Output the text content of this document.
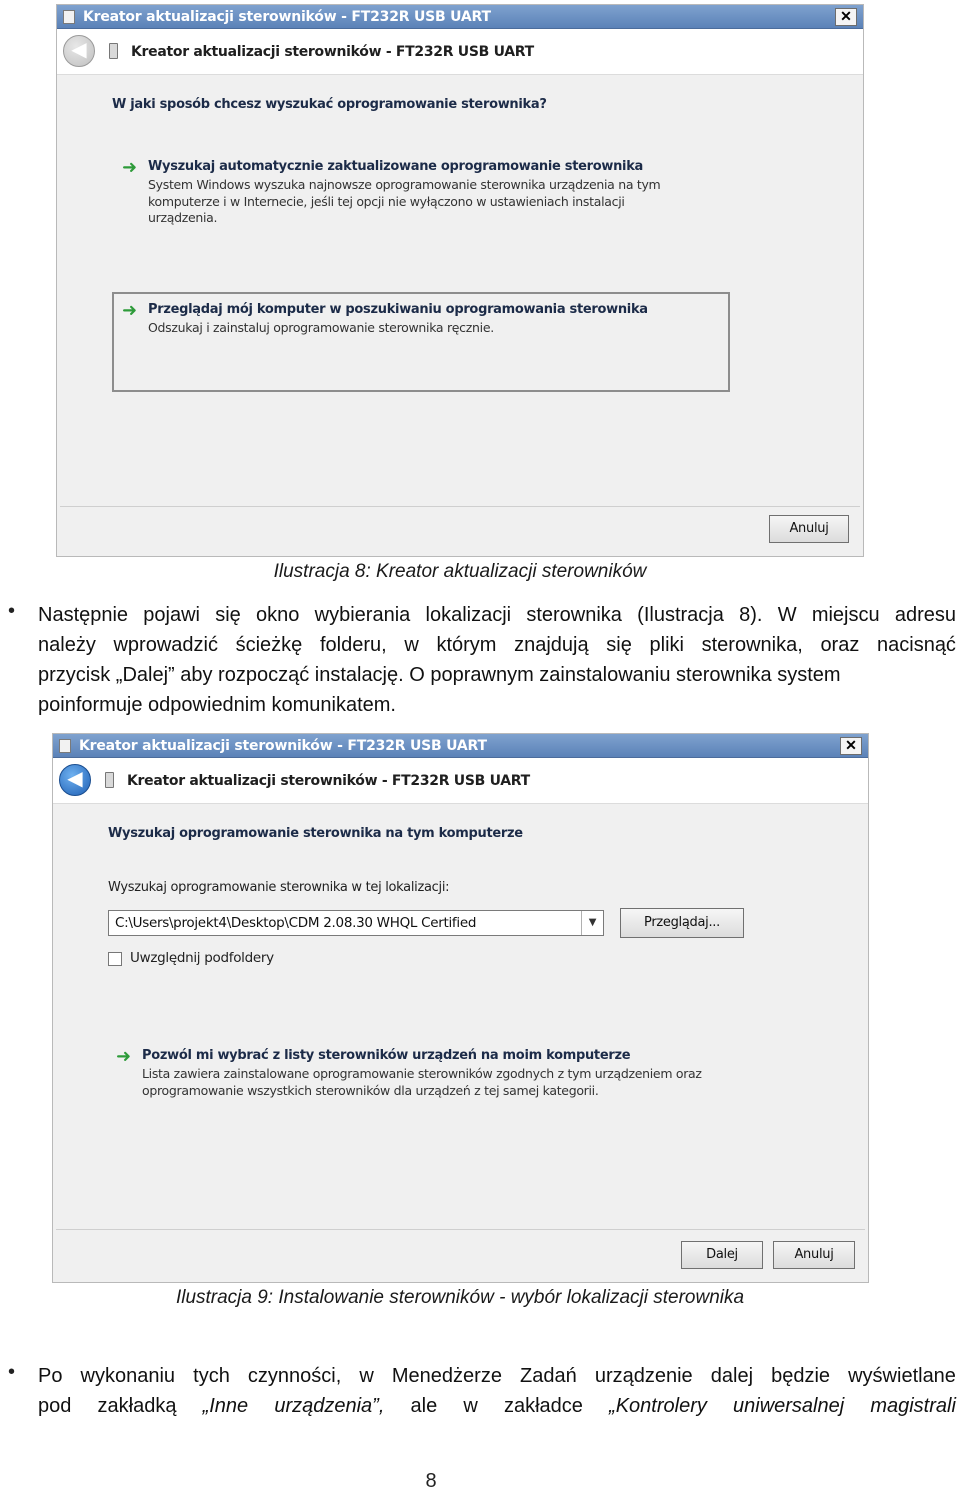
Kreator aktualizacji sterowników - FT232R USB UART	✕
◀	Kreator aktualizacji sterowników - FT232R USB UART
W jaki sposób chcesz wyszukać oprogramowanie sterownika?
➜ Wyszukaj automatycznie zaktualizowane oprogramowanie sterownika
System Windows wyszuka najnowsze oprogramowanie sterownika urządzenia na tym
komputerze i w Internecie, jeśli tej opcji nie wyłączono w ustawieniach instalacji
urządzenia.
➜ Przeglądaj mój komputer w poszukiwaniu oprogramowania sterownika
Odszukaj i zainstaluj oprogramowanie sterownika ręcznie.
Anuluj
Ilustracja 8: Kreator aktualizacji sterowników
• Następnie pojawi się okno wybierania lokalizacji sterownika (Ilustracja 8). W miejscu adresu
należy wprowadzić ścieżkę folderu, w którym znajdują się pliki sterownika, oraz nacisnąć
przycisk „Dalej” aby rozpocząć instalację. O poprawnym zainstalowaniu sterownika system
poinformuje odpowiednim komunikatem.
Kreator aktualizacji sterowników - FT232R USB UART	✕
◀	Kreator aktualizacji sterowników - FT232R USB UART
Wyszukaj oprogramowanie sterownika na tym komputerze
Wyszukaj oprogramowanie sterownika w tej lokalizacji:
C:\Users\projekt4\Desktop\CDM 2.08.30 WHQL Certified	▼	Przeglądaj...
Uwzględnij podfoldery
➜ Pozwól mi wybrać z listy sterowników urządzeń na moim komputerze
Lista zawiera zainstalowane oprogramowanie sterowników zgodnych z tym urządzeniem oraz
oprogramowanie wszystkich sterowników dla urządzeń z tej samej kategorii.
Dalej	Anuluj
Ilustracja 9: Instalowanie sterowników - wybór lokalizacji sterownika
• Po wykonaniu tych czynności, w Menedżerze Zadań urządzenie dalej będzie wyświetlane
pod zakładką „Inne urządzenia”, ale w zakładce „Kontrolery uniwersalnej magistrali
8
